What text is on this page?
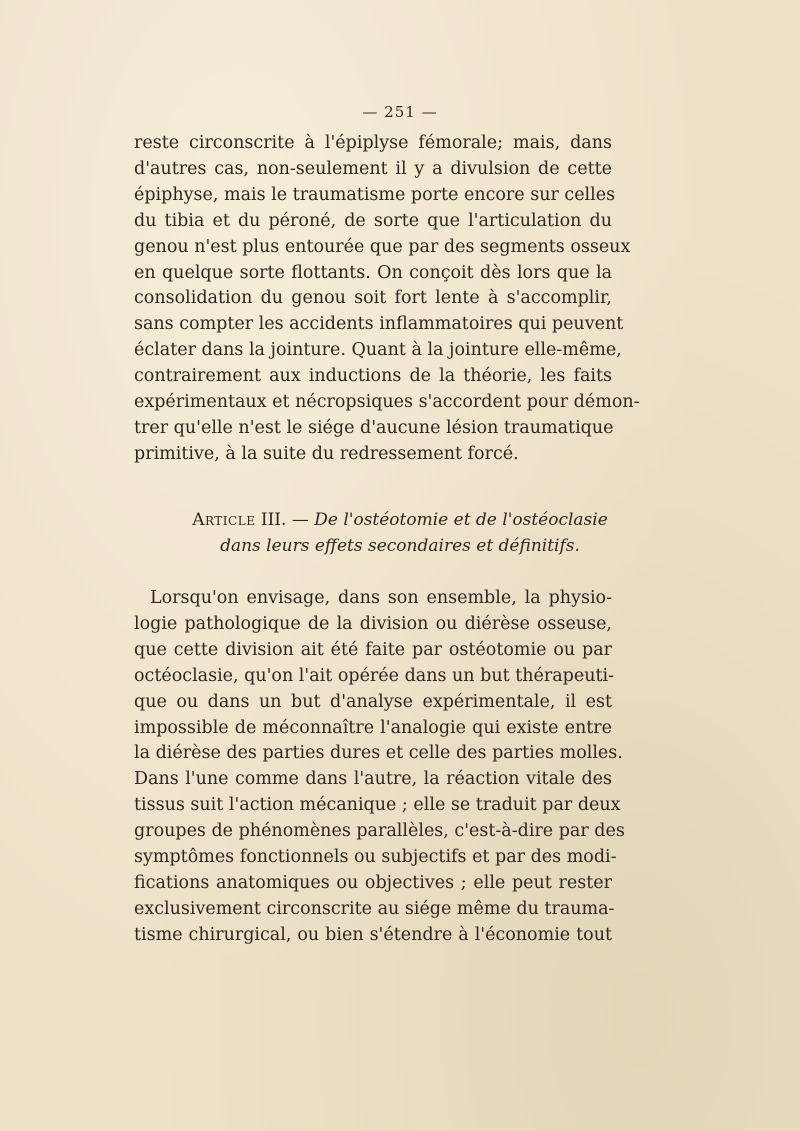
— 251 —
reste circonscrite à l'épiplyse fémorale; mais, dans
d'autres cas, non-seulement il y a divulsion de cette
épiphyse, mais le traumatisme porte encore sur celles
du tibia et du péroné, de sorte que l'articulation du
genou n'est plus entourée que par des segments osseux
en quelque sorte flottants. On conçoit dès lors que la
consolidation du genou soit fort lente à s'accomplir,
sans compter les accidents inflammatoires qui peuvent
éclater dans la jointure. Quant à la jointure elle-même,
contrairement aux inductions de la théorie, les faits
expérimentaux et nécropsiques s'accordent pour démon-
trer qu'elle n'est le siége d'aucune lésion traumatique
primitive, à la suite du redressement forcé.
Article III. — De l'ostéotomie et de l'ostéoclasie
dans leurs effets secondaires et définitifs.
Lorsqu'on envisage, dans son ensemble, la physio-
logie pathologique de la division ou diérèse osseuse,
que cette division ait été faite par ostéotomie ou par
octéoclasie, qu'on l'ait opérée dans un but thérapeuti-
que ou dans un but d'analyse expérimentale, il est
impossible de méconnaître l'analogie qui existe entre
la diérèse des parties dures et celle des parties molles.
Dans l'une comme dans l'autre, la réaction vitale des
tissus suit l'action mécanique ; elle se traduit par deux
groupes de phénomènes parallèles, c'est-à-dire par des
symptômes fonctionnels ou subjectifs et par des modi-
fications anatomiques ou objectives ; elle peut rester
exclusivement circonscrite au siége même du trauma-
tisme chirurgical, ou bien s'étendre à l'économie tout
